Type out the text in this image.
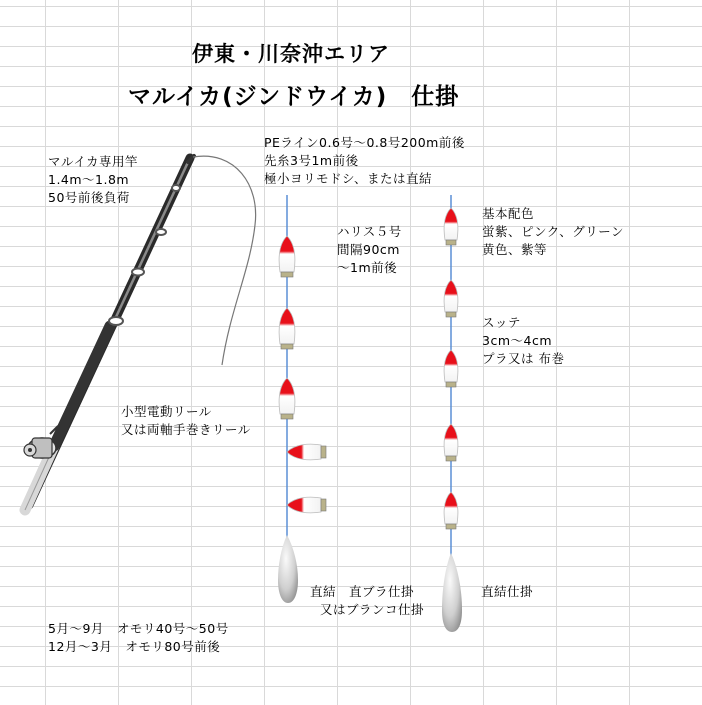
伊東・川奈沖エリア
マルイカ(ジンドウイカ)　仕掛
マルイカ専用竿
1.4m～1.8m
50号前後負荷
PEライン0.6号～0.8号200m前後
先糸3号1m前後
極小ヨリモドシ、または直結
ハリス５号
間隔90cm
～1m前後
基本配色
蛍紫、ピンク、グリーン
黄色、紫等
スッテ
3cm～4cm
プラ又は 布巻
小型電動リール
又は両軸手巻きリール
直結　直ブラ仕掛
又はブランコ仕掛
直結仕掛
5月～9月　オモリ40号～50号
12月～3月　オモリ80号前後
